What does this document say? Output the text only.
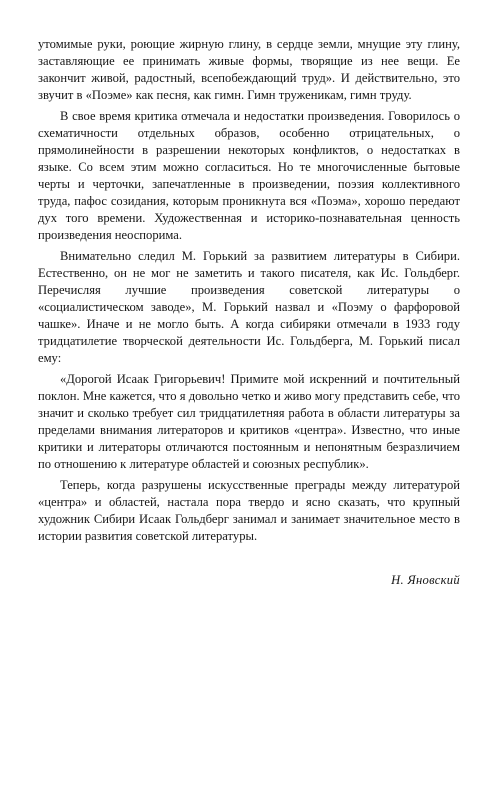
утомимые руки, роющие жирную глину, в сердце земли, мнущие эту глину, заставляющие ее принимать живые формы, творящие из нее вещи. Ее закончит живой, радостный, всепобеждающий труд». И действительно, это звучит в «Поэме» как песня, как гимн. Гимн труженикам, гимн труду.

В свое время критика отмечала и недостатки произведения. Говорилось о схематичности отдельных образов, особенно отрицательных, о прямолинейности в разрешении некоторых конфликтов, о недостатках в языке. Со всем этим можно согласиться. Но те многочисленные бытовые черты и черточки, запечатленные в произведении, поэзия коллективного труда, пафос созидания, которым проникнута вся «Поэма», хорошо передают дух того времени. Художественная и историко-познавательная ценность произведения неоспорима.

Внимательно следил М. Горький за развитием литературы в Сибири. Естественно, он не мог не заметить и такого писателя, как Ис. Гольдберг. Перечисляя лучшие произведения советской литературы о «социалистическом заводе», М. Горький назвал и «Поэму о фарфоровой чашке». Иначе и не могло быть. А когда сибиряки отмечали в 1933 году тридцатилетие творческой деятельности Ис. Гольдберга, М. Горький писал ему:

«Дорогой Исаак Григорьевич! Примите мой искренний и почтительный поклон. Мне кажется, что я довольно четко и живо могу представить себе, что значит и сколько требует сил тридцатилетняя работа в области литературы за пределами внимания литераторов и критиков «центра». Известно, что иные критики и литераторы отличаются постоянным и непонятным безразличием по отношению к литературе областей и союзных республик».

Теперь, когда разрушены искусственные преграды между литературой «центра» и областей, настала пора твердо и ясно сказать, что крупный художник Сибири Исаак Гольдберг занимал и занимает значительное место в истории развития советской литературы.

Н. Яновский
